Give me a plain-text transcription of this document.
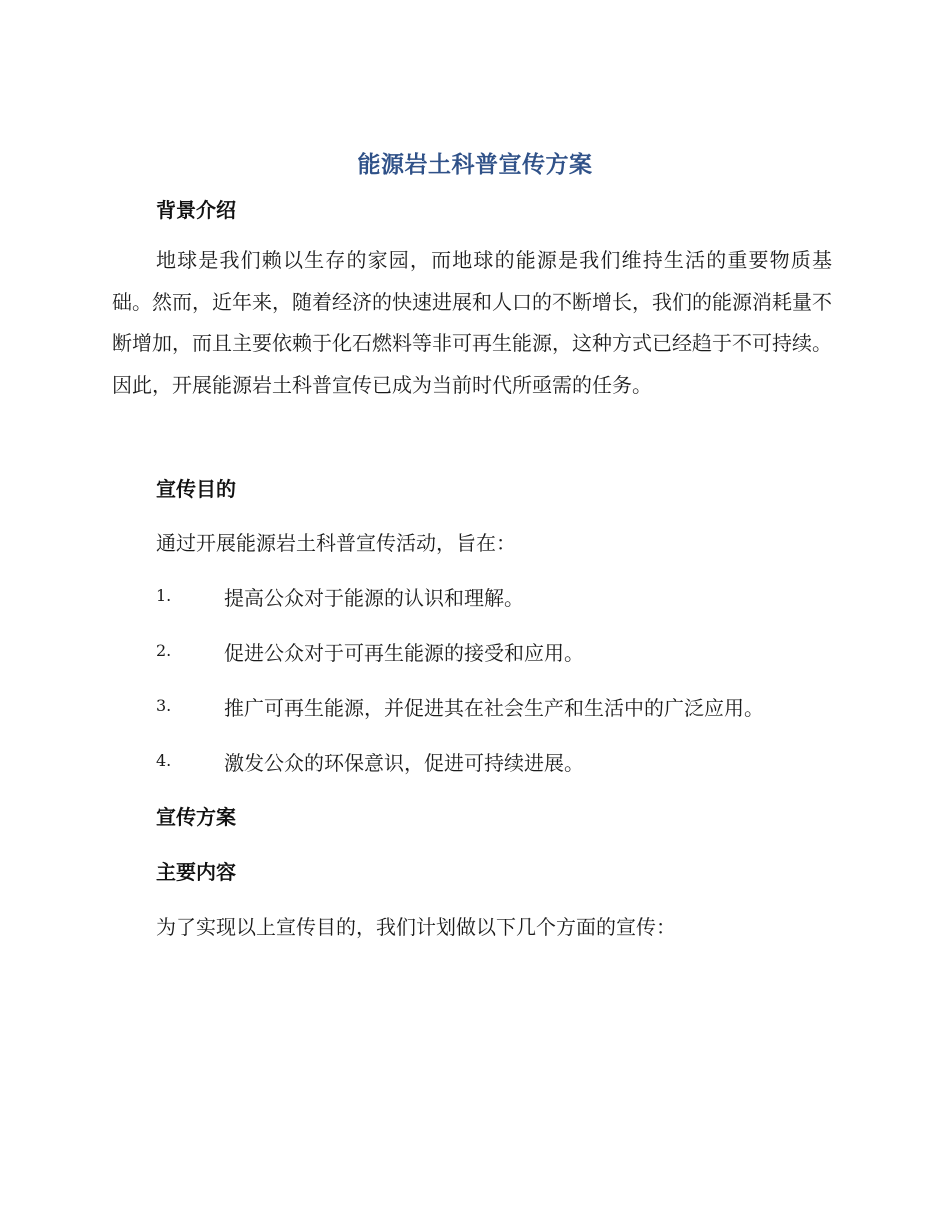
能源岩土科普宣传方案
背景介绍
地球是我们赖以生存的家园，而地球的能源是我们维持生活的重要物质基础。然而，近年来，随着经济的快速进展和人口的不断增长，我们的能源消耗量不断增加，而且主要依赖于化石燃料等非可再生能源，这种方式已经趋于不可持续。因此，开展能源岩土科普宣传已成为当前时代所亟需的任务。
宣传目的
通过开展能源岩土科普宣传活动，旨在：
1.	提高公众对于能源的认识和理解。
2.	促进公众对于可再生能源的接受和应用。
3.	推广可再生能源，并促进其在社会生产和生活中的广泛应用。
4.	激发公众的环保意识，促进可持续进展。
宣传方案
主要内容
为了实现以上宣传目的，我们计划做以下几个方面的宣传：
